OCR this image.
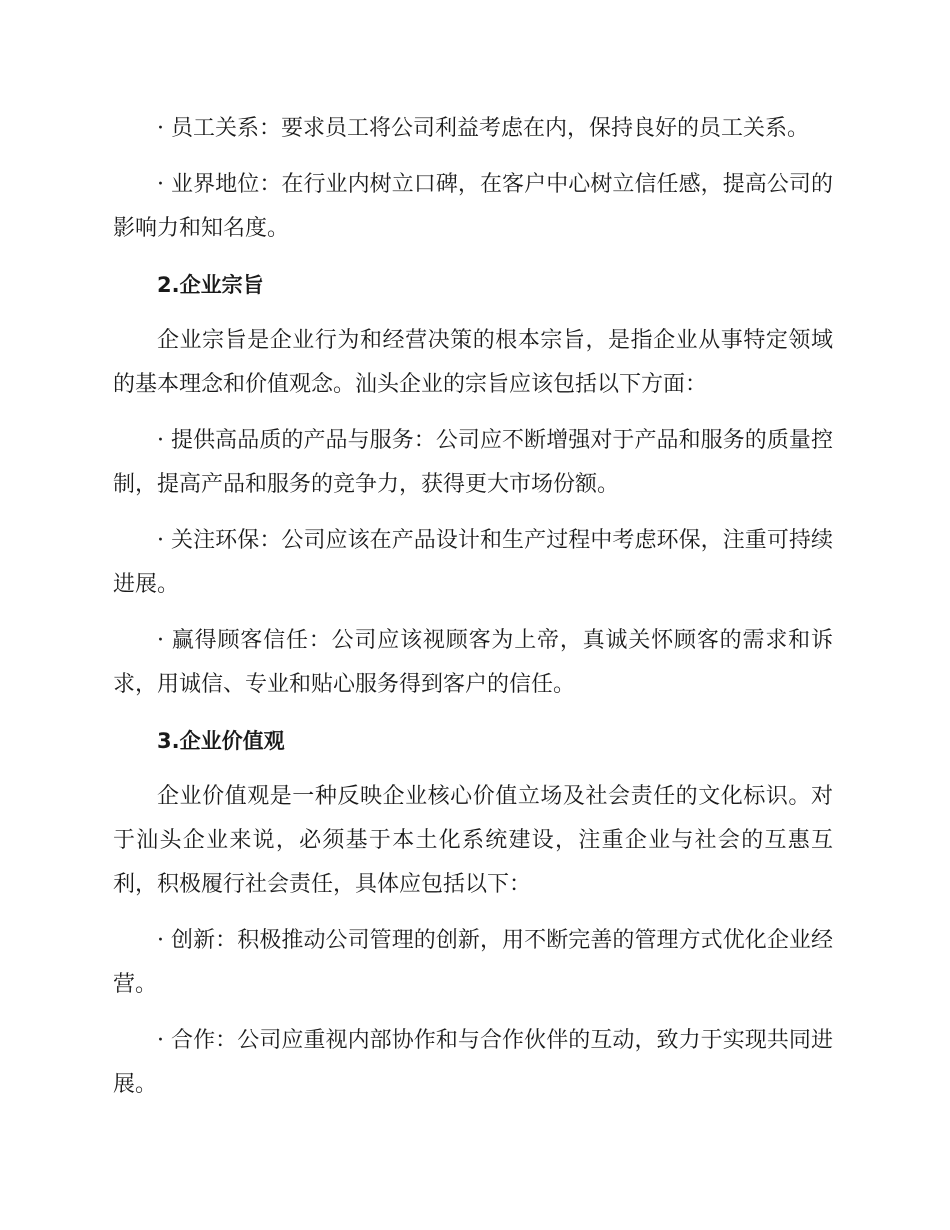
· 员工关系：要求员工将公司利益考虑在内，保持良好的员工关系。

· 业界地位：在行业内树立口碑，在客户中心树立信任感，提高公司的影响力和知名度。

2.企业宗旨

企业宗旨是企业行为和经营决策的根本宗旨，是指企业从事特定领域的基本理念和价值观念。汕头企业的宗旨应该包括以下方面：

· 提供高品质的产品与服务：公司应不断增强对于产品和服务的质量控制，提高产品和服务的竞争力，获得更大市场份额。

· 关注环保：公司应该在产品设计和生产过程中考虑环保，注重可持续进展。

· 赢得顾客信任：公司应该视顾客为上帝，真诚关怀顾客的需求和诉求，用诚信、专业和贴心服务得到客户的信任。

3.企业价值观

企业价值观是一种反映企业核心价值立场及社会责任的文化标识。对于汕头企业来说，必须基于本土化系统建设，注重企业与社会的互惠互利，积极履行社会责任，具体应包括以下：

· 创新：积极推动公司管理的创新，用不断完善的管理方式优化企业经营。

· 合作：公司应重视内部协作和与合作伙伴的互动，致力于实现共同进展。
